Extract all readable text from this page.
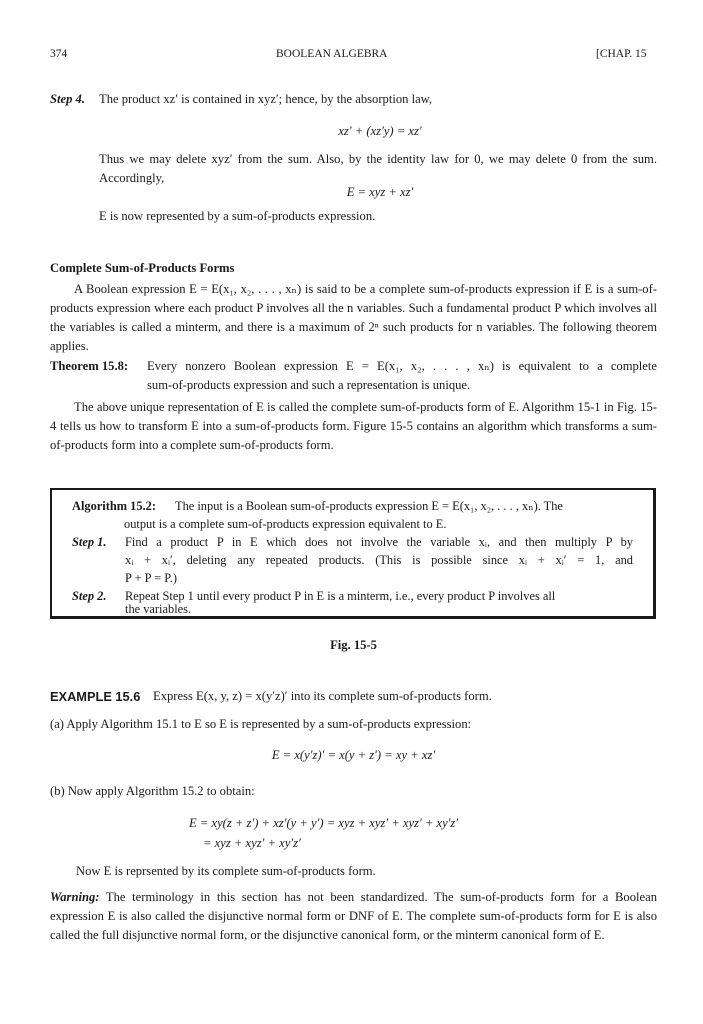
374	BOOLEAN ALGEBRA	[CHAP. 15
Step 4. The product xz′ is contained in xyz′; hence, by the absorption law,
xz′ + (xz′y) = xz′
Thus we may delete xyz′ from the sum. Also, by the identity law for 0, we may delete 0 from the sum. Accordingly,
E = xyz + xz′
E is now represented by a sum-of-products expression.
Complete Sum-of-Products Forms
A Boolean expression E = E(x₁, x₂, . . . , xₙ) is said to be a complete sum-of-products expression if E is a sum-of-products expression where each product P involves all the n variables. Such a fundamental product P which involves all the variables is called a minterm, and there is a maximum of 2ⁿ such products for n variables. The following theorem applies.
Theorem 15.8: Every nonzero Boolean expression E = E(x₁, x₂, . . . , xₙ) is equivalent to a complete
sum-of-products expression and such a representation is unique.
The above unique representation of E is called the complete sum-of-products form of E. Algorithm 15-1 in Fig. 15-4 tells us how to transform E into a sum-of-products form. Figure 15-5 contains an algorithm which transforms a sum-of-products form into a complete sum-of-products form.
Algorithm 15.2: The input is a Boolean sum-of-products expression E = E(x₁, x₂, . . . , xₙ). The
output is a complete sum-of-products expression equivalent to E.
Step 1. Find a product P in E which does not involve the variable xᵢ, and then multiply P by
xᵢ + xᵢ′, deleting any repeated products. (This is possible since xᵢ + xᵢ′ = 1, and
P + P = P.)
Step 2. Repeat Step 1 until every product P in E is a minterm, i.e., every product P involves all
the variables.
Fig. 15-5
EXAMPLE 15.6 Express E(x, y, z) = x(y′z)′ into its complete sum-of-products form.
(a) Apply Algorithm 15.1 to E so E is represented by a sum-of-products expression:
E = x(y′z)′ = x(y + z′) = xy + xz′
(b) Now apply Algorithm 15.2 to obtain:
E = xy(z + z′) + xz′(y + y′) = xyz + xyz′ + xyz′ + xy′z′
= xyz + xyz′ + xy′z′
Now E is reprsented by its complete sum-of-products form.
Warning: The terminology in this section has not been standardized. The sum-of-products form for a Boolean expression E is also called the disjunctive normal form or DNF of E. The complete sum-of-products form for E is also called the full disjunctive normal form, or the disjunctive canonical form, or the minterm canonical form of E.
